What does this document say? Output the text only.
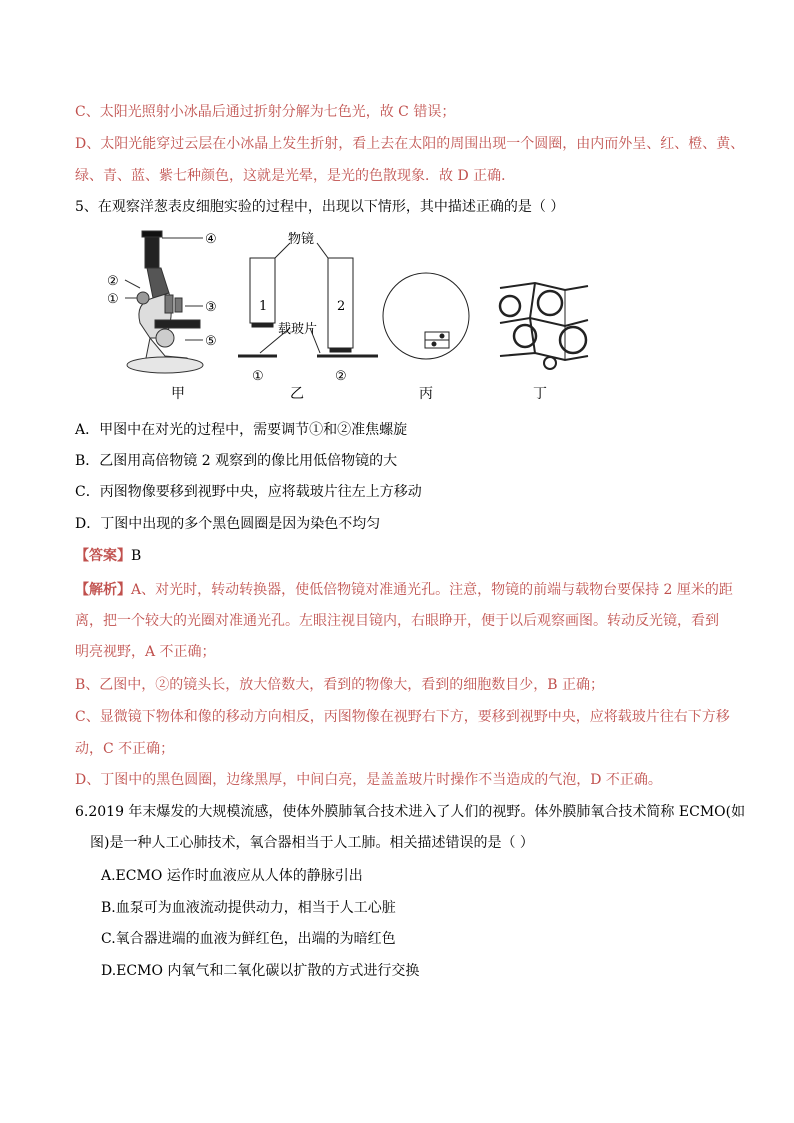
C、太阳光照射小冰晶后通过折射分解为七色光，故 C 错误；
D、太阳光能穿过云层在小冰晶上发生折射，看上去在太阳的周围出现一个圆圈，由内而外呈、红、橙、黄、
绿、青、蓝、紫七种颜色，这就是光晕，是光的色散现象．故 D 正确．
5、在观察洋葱表皮细胞实验的过程中，出现以下情形，其中描述正确的是（ ）
④
②
①
③
⑤
甲
物镜
载玻片
1	2
①	②
乙	丙	丁
A．甲图中在对光的过程中，需要调节①和②准焦螺旋
B．乙图用高倍物镜 2 观察到的像比用低倍物镜的大
C．丙图物像要移到视野中央，应将载玻片往左上方移动
D．丁图中出现的多个黑色圆圈是因为染色不均匀
【答案】B
【解析】A、对光时，转动转换器，使低倍物镜对准通光孔。注意，物镜的前端与载物台要保持 2 厘米的距
离，把一个较大的光圈对准通光孔。左眼注视目镜内，右眼睁开，便于以后观察画图。转动反光镜，看到
明亮视野，A 不正确；
B、乙图中，②的镜头长，放大倍数大，看到的物像大，看到的细胞数目少，B 正确；
C、显微镜下物体和像的移动方向相反，丙图物像在视野右下方，要移到视野中央，应将载玻片往右下方移
动，C 不正确；
D、丁图中的黑色圆圈，边缘黑厚，中间白亮，是盖盖玻片时操作不当造成的气泡，D 不正确。
6.2019 年末爆发的大规模流感，使体外膜肺氧合技术进入了人们的视野。体外膜肺氧合技术简称 ECMO(如
图)是一种人工心肺技术，氧合器相当于人工肺。相关描述错误的是（ ）
A.ECMO 运作时血液应从人体的静脉引出
B.血泵可为血液流动提供动力，相当于人工心脏
C.氧合器进端的血液为鲜红色，出端的为暗红色
D.ECMO 内氧气和二氧化碳以扩散的方式进行交换
